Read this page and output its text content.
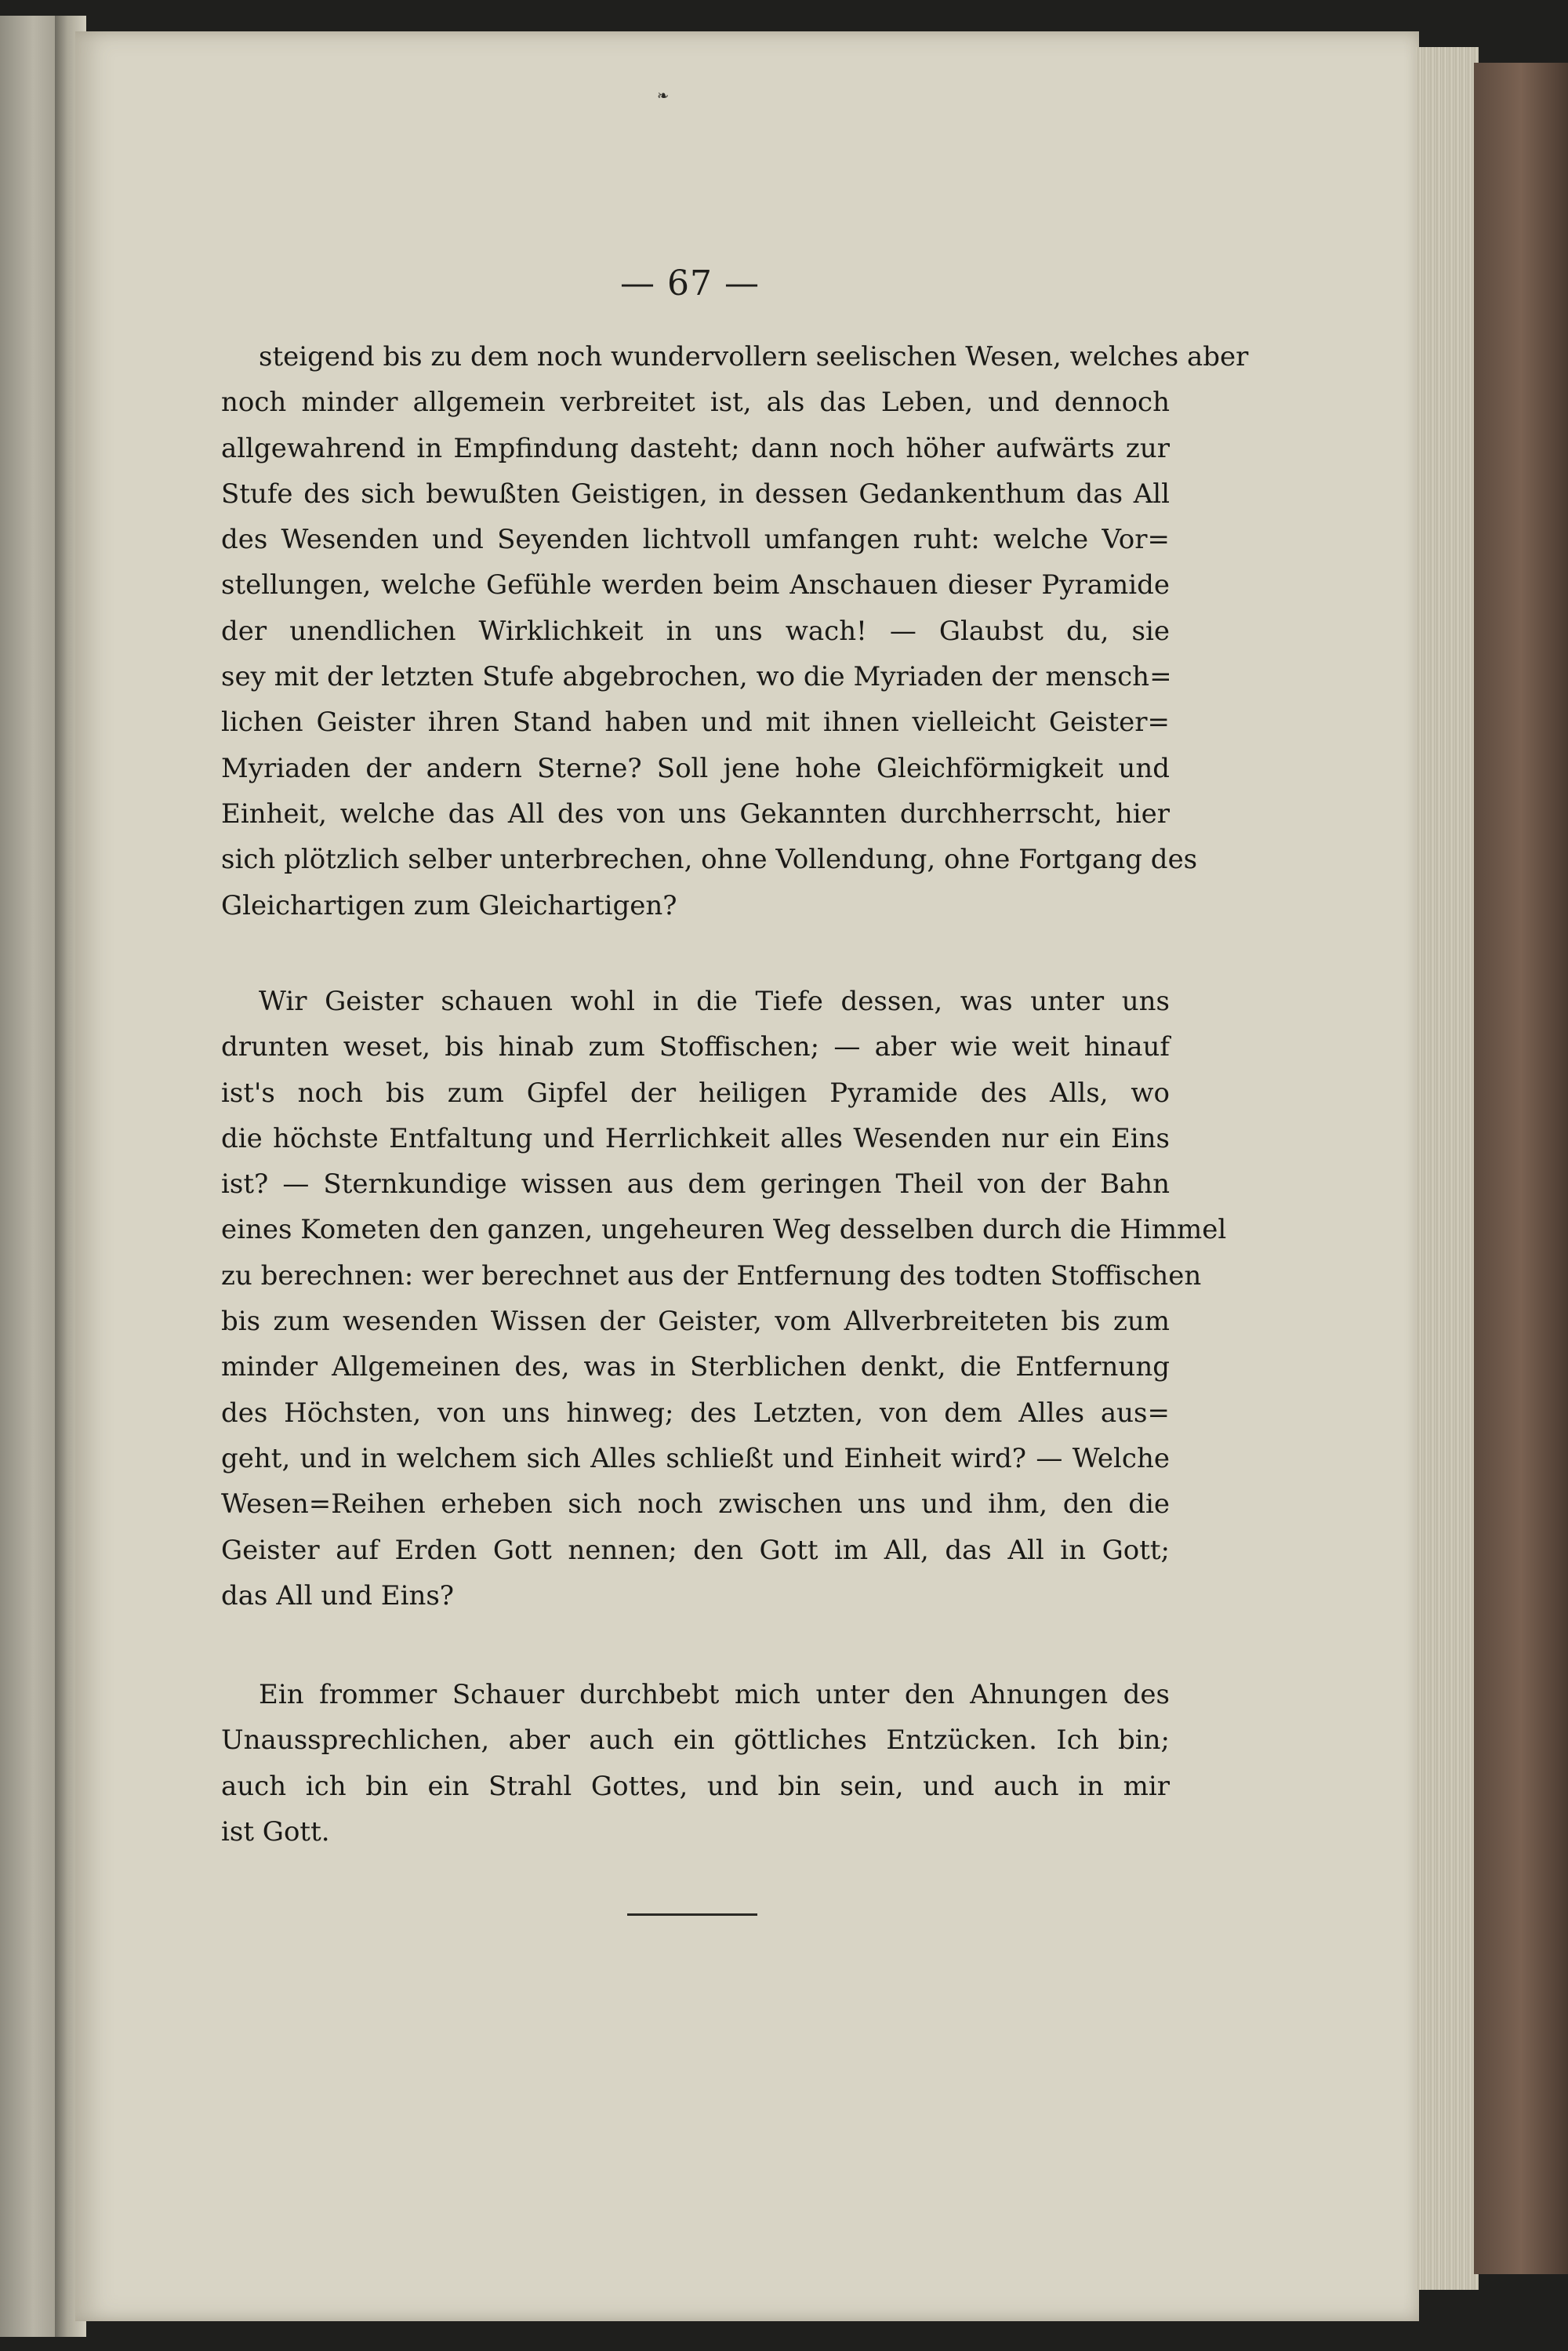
❧
— 67 —

steigend bis zu dem noch wundervollern seelischen Wesen, welches aber
noch minder allgemein verbreitet ist, als das Leben, und dennoch
allgewahrend in Empfindung dasteht; dann noch höher aufwärts zur
Stufe des sich bewußten Geistigen, in dessen Gedankenthum das All
des Wesenden und Seyenden lichtvoll umfangen ruht: welche Vor=
stellungen, welche Gefühle werden beim Anschauen dieser Pyramide
der unendlichen Wirklichkeit in uns wach! — Glaubst du, sie
sey mit der letzten Stufe abgebrochen, wo die Myriaden der mensch=
lichen Geister ihren Stand haben und mit ihnen vielleicht Geister=
Myriaden der andern Sterne? Soll jene hohe Gleichförmigkeit und
Einheit, welche das All des von uns Gekannten durchherrscht, hier
sich plötzlich selber unterbrechen, ohne Vollendung, ohne Fortgang des
Gleichartigen zum Gleichartigen?

Wir Geister schauen wohl in die Tiefe dessen, was unter uns
drunten weset, bis hinab zum Stoffischen; — aber wie weit hinauf
ist's noch bis zum Gipfel der heiligen Pyramide des Alls, wo
die höchste Entfaltung und Herrlichkeit alles Wesenden nur ein Eins
ist? — Sternkundige wissen aus dem geringen Theil von der Bahn
eines Kometen den ganzen, ungeheuren Weg desselben durch die Himmel
zu berechnen: wer berechnet aus der Entfernung des todten Stoffischen
bis zum wesenden Wissen der Geister, vom Allverbreiteten bis zum
minder Allgemeinen des, was in Sterblichen denkt, die Entfernung
des Höchsten, von uns hinweg; des Letzten, von dem Alles aus=
geht, und in welchem sich Alles schließt und Einheit wird? — Welche
Wesen=Reihen erheben sich noch zwischen uns und ihm, den die
Geister auf Erden Gott nennen; den Gott im All, das All in Gott;
das All und Eins?

Ein frommer Schauer durchbebt mich unter den Ahnungen des
Unaussprechlichen, aber auch ein göttliches Entzücken. Ich bin;
auch ich bin ein Strahl Gottes, und bin sein, und auch in mir
ist Gott.
